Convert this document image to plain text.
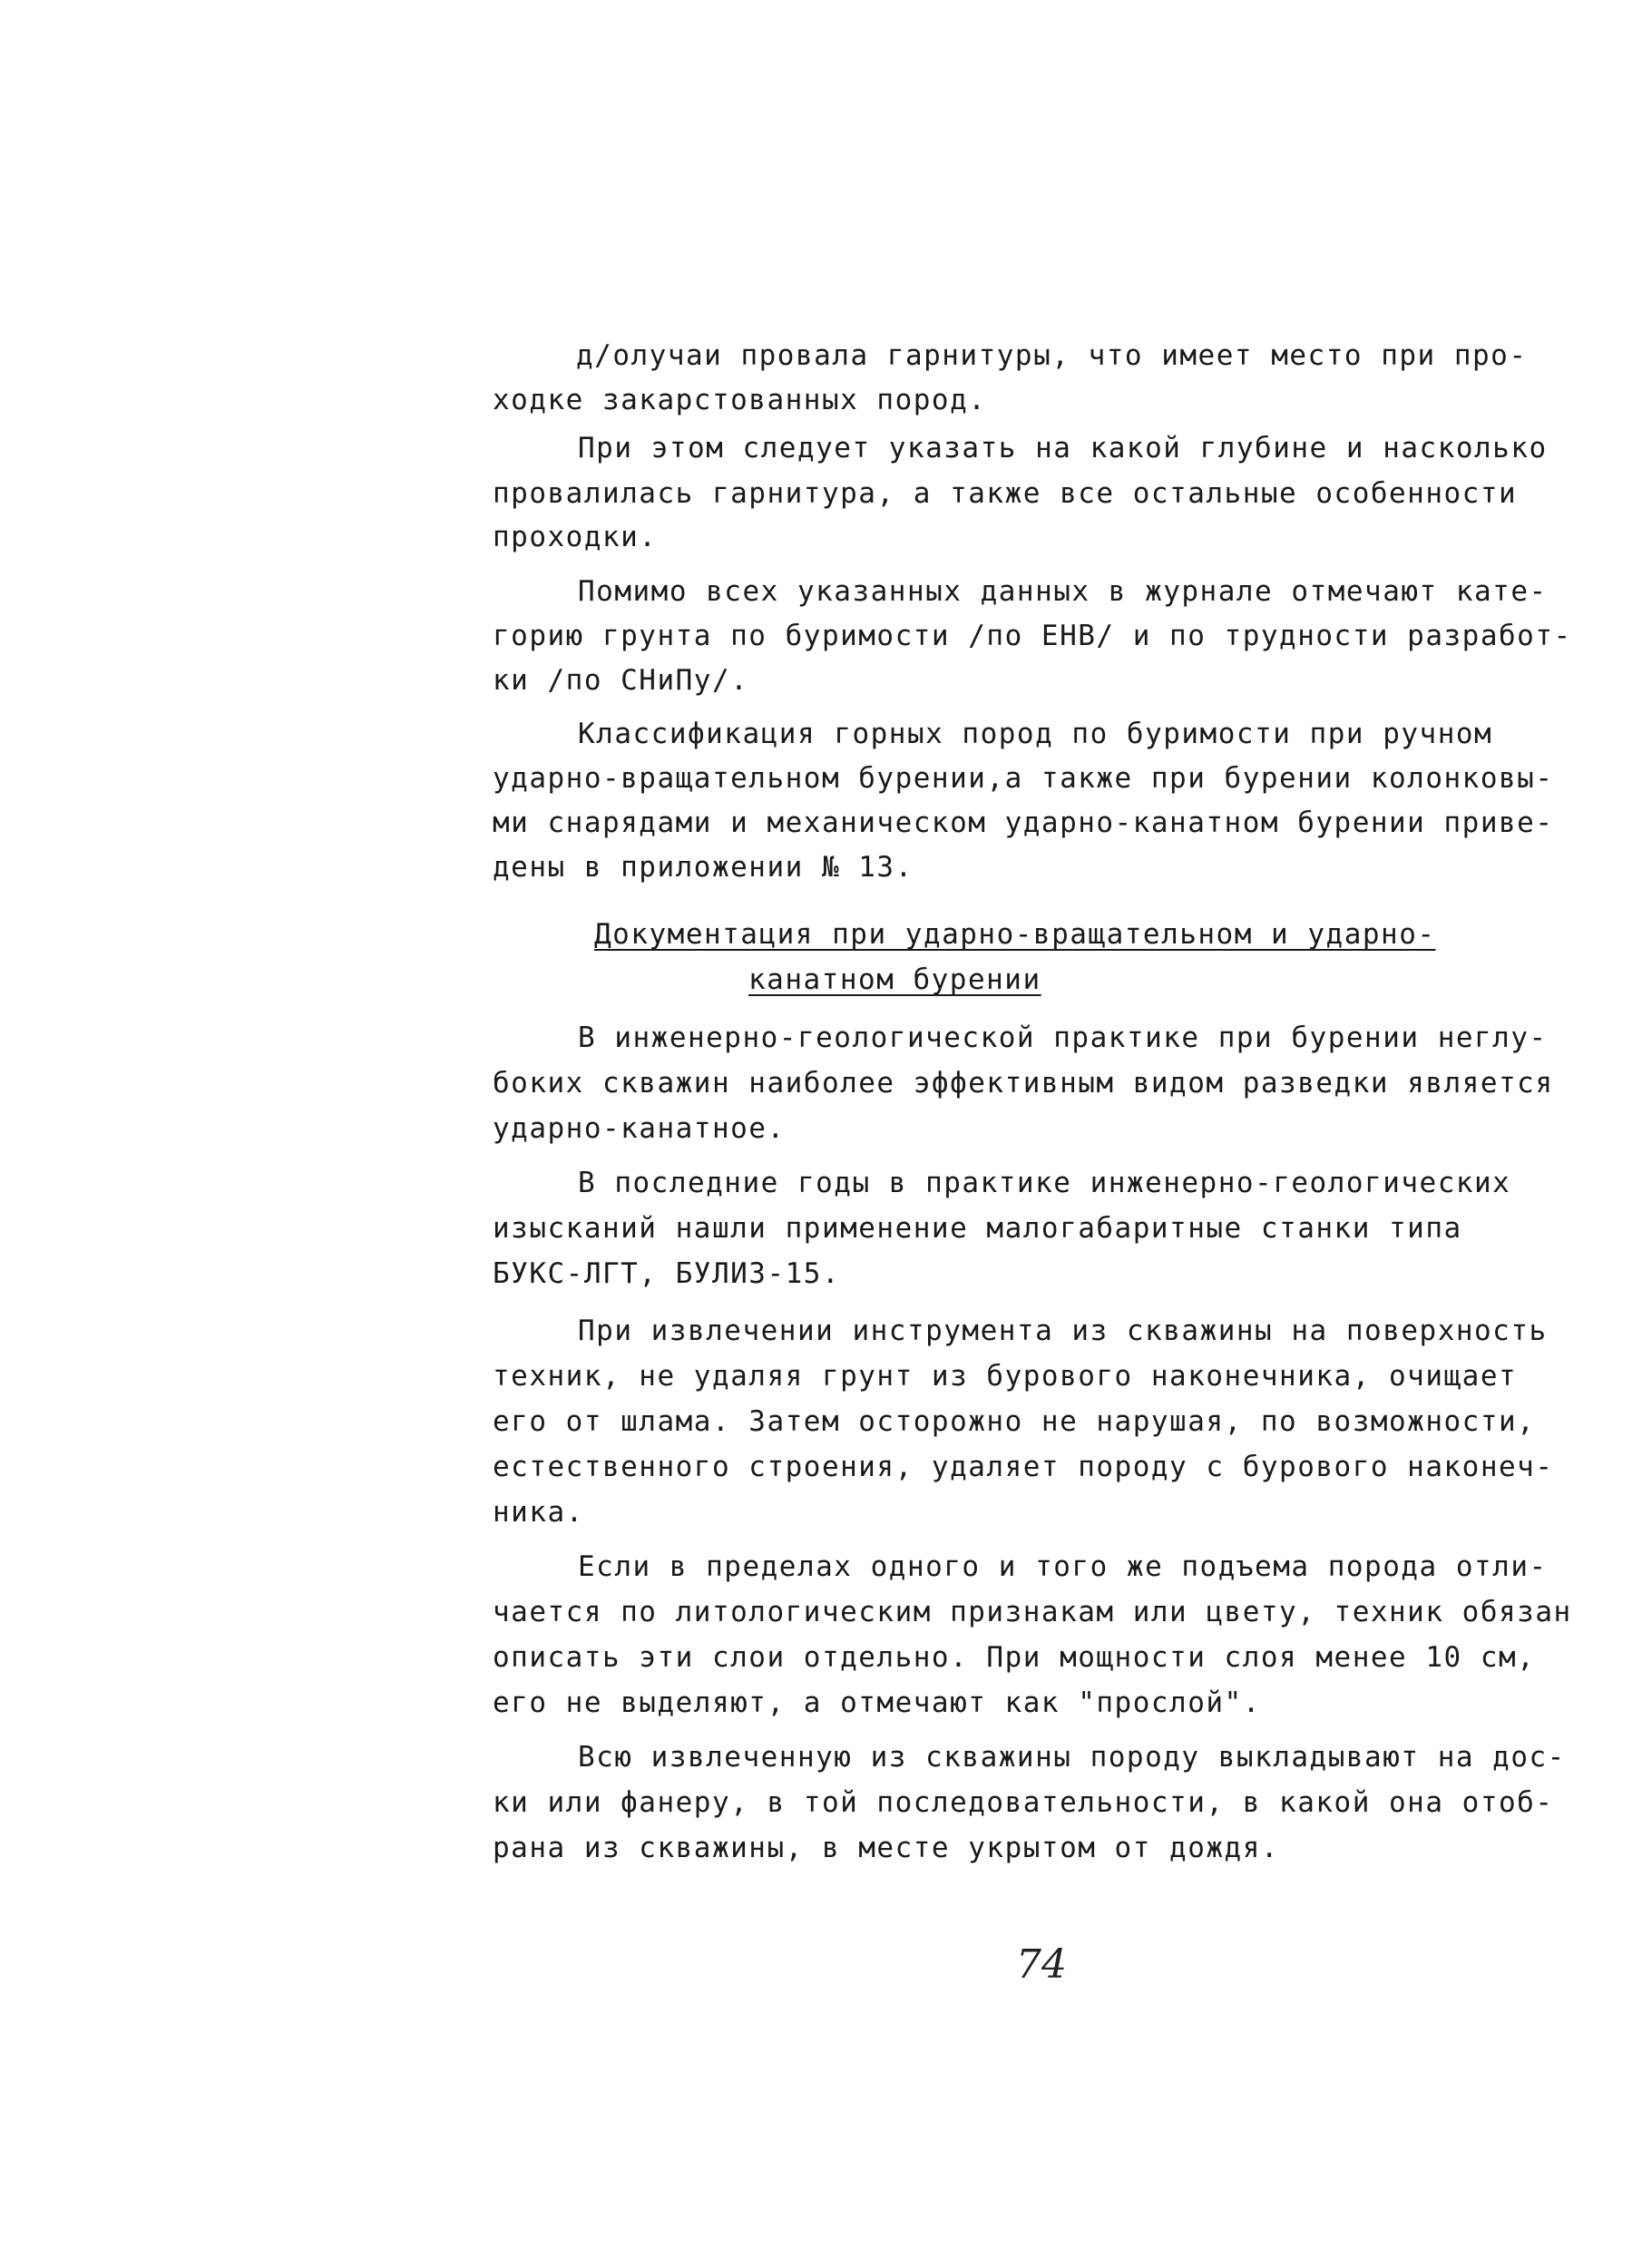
д/олучаи провала гарнитуры, что имеет место при про-
ходке закарстованных пород.
При этом следует указать на какой глубине и насколько
провалилась гарнитура, а также все остальные особенности
проходки.
Помимо всех указанных данных в журнале отмечают кате-
горию грунта по буримости /по ЕНВ/ и по трудности разработ-
ки /по СНиПу/.
Классификация горных пород по буримости при ручном
ударно-вращательном бурении,а также при бурении колонковы-
ми снарядами и механическом ударно-канатном бурении приве-
дены в приложении № 13.
Документация при ударно-вращательном и ударно-
канатном бурении
В инженерно-геологической практике при бурении неглу-
боких скважин наиболее эффективным видом разведки является
ударно-канатное.
В последние годы в практике инженерно-геологических
изысканий нашли применение малогабаритные станки типа
БУКС-ЛГТ, БУЛИЗ-15.
При извлечении инструмента из скважины на поверхность
техник, не удаляя грунт из бурового наконечника, очищает
его от шлама. Затем осторожно не нарушая, по возможности,
естественного строения, удаляет породу с бурового наконеч-
ника.
Если в пределах одного и того же подъема порода отли-
чается по литологическим признакам или цвету, техник обязан
описать эти слои отдельно. При мощности слоя менее 10 см,
его не выделяют, а отмечают как "прослой".
Всю извлеченную из скважины породу выкладывают на дос-
ки или фанеру, в той последовательности, в какой она отоб-
рана из скважины, в месте укрытом от дождя.
74
